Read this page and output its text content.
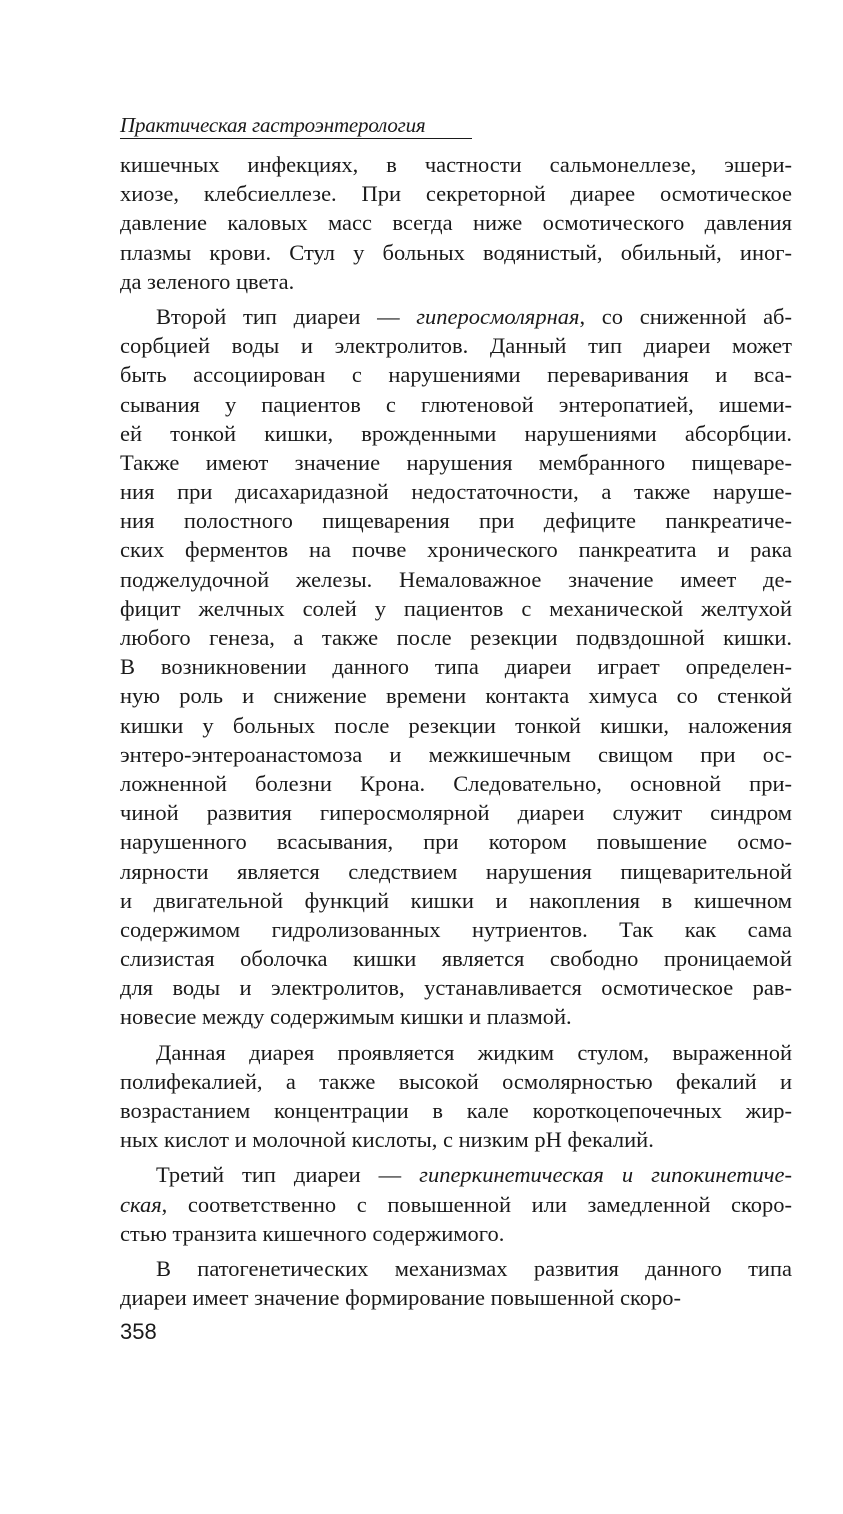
Практическая гастроэнтерология
кишечных инфекциях, в частности сальмонеллезе, эшери-
хиозе, клебсиеллезе. При секреторной диарее осмотическое
давление каловых масс всегда ниже осмотического давления
плазмы крови. Стул у больных водянистый, обильный, иног-
да зеленого цвета.
Второй тип диареи — гиперосмолярная, со сниженной аб-
сорбцией воды и электролитов. Данный тип диареи может
быть ассоциирован с нарушениями переваривания и вса-
сывания у пациентов с глютеновой энтеропатией, ишеми-
ей тонкой кишки, врожденными нарушениями абсорбции.
Также имеют значение нарушения мембранного пищеваре-
ния при дисахаридазной недостаточности, а также наруше-
ния полостного пищеварения при дефиците панкреатиче-
ских ферментов на почве хронического панкреатита и рака
поджелудочной железы. Немаловажное значение имеет де-
фицит желчных солей у пациентов с механической желтухой
любого генеза, а также после резекции подвздошной кишки.
В возникновении данного типа диареи играет определен-
ную роль и снижение времени контакта химуса со стенкой
кишки у больных после резекции тонкой кишки, наложения
энтеро-энтероанастомоза и межкишечным свищом при ос-
ложненной болезни Крона. Следовательно, основной при-
чиной развития гиперосмолярной диареи служит синдром
нарушенного всасывания, при котором повышение осмо-
лярности является следствием нарушения пищеварительной
и двигательной функций кишки и накопления в кишечном
содержимом гидролизованных нутриентов. Так как сама
слизистая оболочка кишки является свободно проницаемой
для воды и электролитов, устанавливается осмотическое рав-
новесие между содержимым кишки и плазмой.
Данная диарея проявляется жидким стулом, выраженной
полифекалией, а также высокой осмолярностью фекалий и
возрастанием концентрации в кале короткоцепочечных жир-
ных кислот и молочной кислоты, с низким pH фекалий.
Третий тип диареи — гиперкинетическая и гипокинетиче-
ская, соответственно с повышенной или замедленной скоро-
стью транзита кишечного содержимого.
В патогенетических механизмах развития данного типа
диареи имеет значение формирование повышенной скоро-
358
